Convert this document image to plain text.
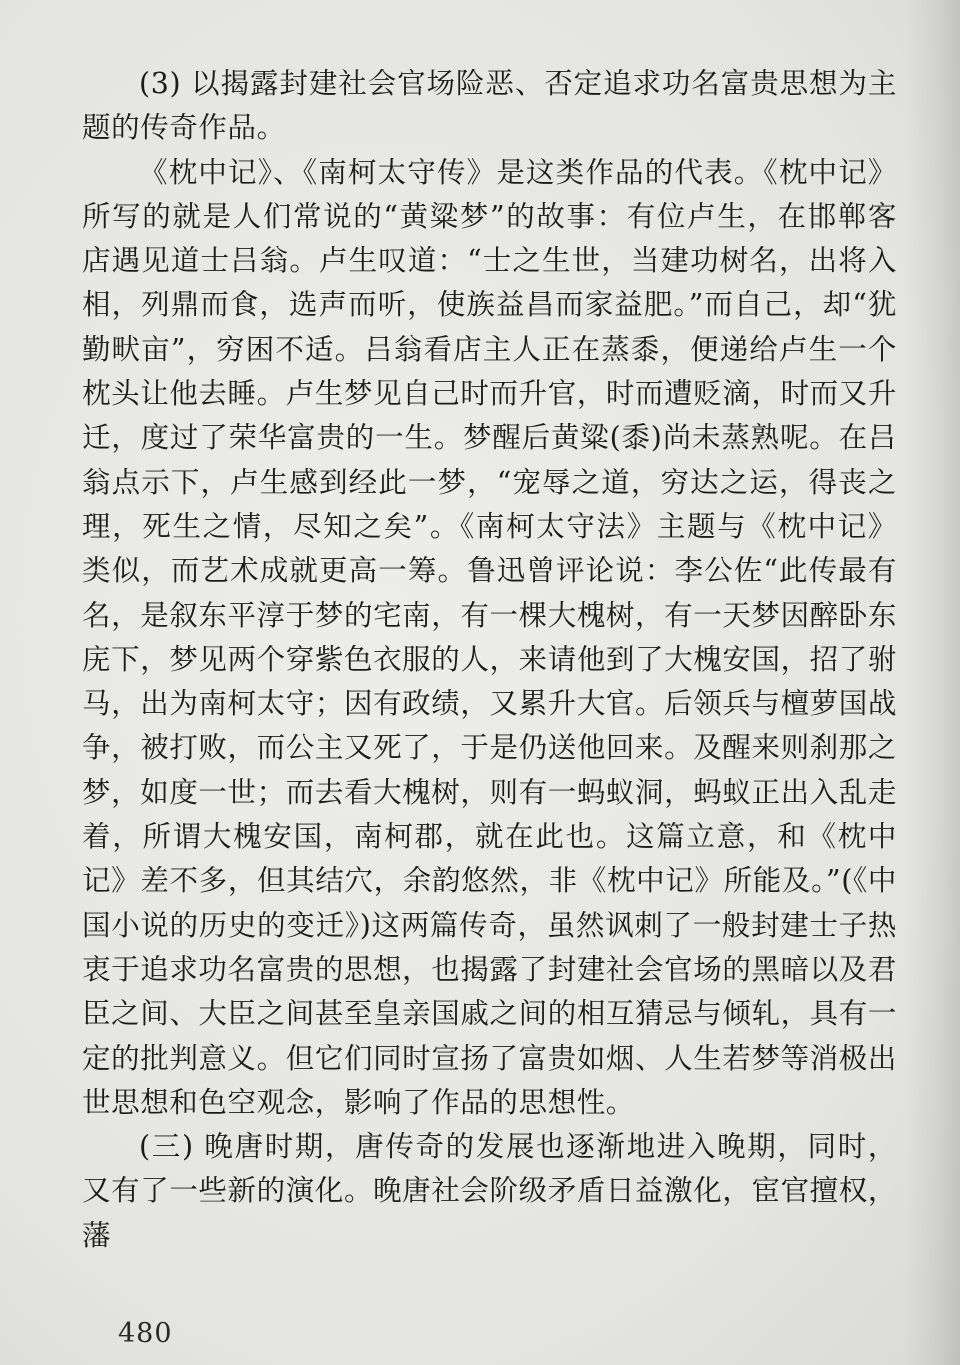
(3) 以揭露封建社会官场险恶、否定追求功名富贵思想为主题的传奇作品。

《枕中记》、《南柯太守传》是这类作品的代表。《枕中记》所写的就是人们常说的“黄粱梦”的故事：有位卢生，在邯郸客店遇见道士吕翁。卢生叹道：“士之生世，当建功树名，出将入相，列鼎而食，选声而听，使族益昌而家益肥。”而自己，却“犹勤畎亩”，穷困不适。吕翁看店主人正在蒸黍，便递给卢生一个枕头让他去睡。卢生梦见自己时而升官，时而遭贬滴，时而又升迁，度过了荣华富贵的一生。梦醒后黄粱(黍)尚未蒸熟呢。在吕翁点示下，卢生感到经此一梦，“宠辱之道，穷达之运，得丧之理，死生之情，尽知之矣”。《南柯太守法》主题与《枕中记》类似，而艺术成就更高一筹。鲁迅曾评论说：李公佐“此传最有名，是叙东平淳于梦的宅南，有一棵大槐树，有一天梦因醉卧东庑下，梦见两个穿紫色衣服的人，来请他到了大槐安国，招了驸马，出为南柯太守；因有政绩，又累升大官。后领兵与檀萝国战争，被打败，而公主又死了，于是仍送他回来。及醒来则刹那之梦，如度一世；而去看大槐树，则有一蚂蚁洞，蚂蚁正出入乱走着，所谓大槐安国，南柯郡，就在此也。这篇立意，和《枕中记》差不多，但其结穴，余韵悠然，非《枕中记》所能及。”(《中国小说的历史的变迁》)这两篇传奇，虽然讽刺了一般封建士子热衷于追求功名富贵的思想，也揭露了封建社会官场的黑暗以及君臣之间、大臣之间甚至皇亲国戚之间的相互猜忌与倾轧，具有一定的批判意义。但它们同时宣扬了富贵如烟、人生若梦等消极出世思想和色空观念，影响了作品的思想性。

(三) 晚唐时期，唐传奇的发展也逐渐地进入晚期，同时，又有了一些新的演化。晚唐社会阶级矛盾日益激化，宦官擅权，藩

480
